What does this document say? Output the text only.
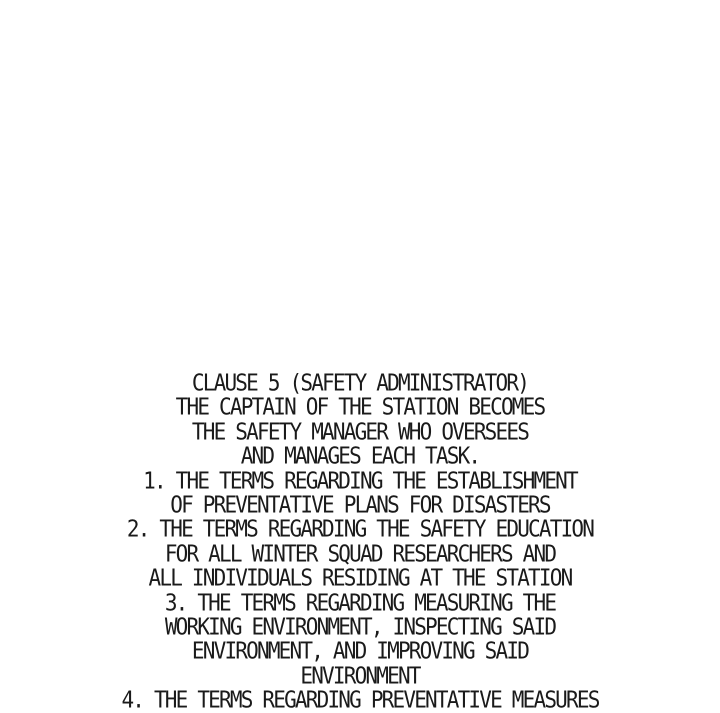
CLAUSE 5 (SAFETY ADMINISTRATOR)
THE CAPTAIN OF THE STATION BECOMES
THE SAFETY MANAGER WHO OVERSEES
AND MANAGES EACH TASK.
1. THE TERMS REGARDING THE ESTABLISHMENT
OF PREVENTATIVE PLANS FOR DISASTERS
2. THE TERMS REGARDING THE SAFETY EDUCATION
FOR ALL WINTER SQUAD RESEARCHERS AND
ALL INDIVIDUALS RESIDING AT THE STATION
3. THE TERMS REGARDING MEASURING THE
WORKING ENVIRONMENT, INSPECTING SAID
ENVIRONMENT, AND IMPROVING SAID
ENVIRONMENT
4. THE TERMS REGARDING PREVENTATIVE MEASURES
